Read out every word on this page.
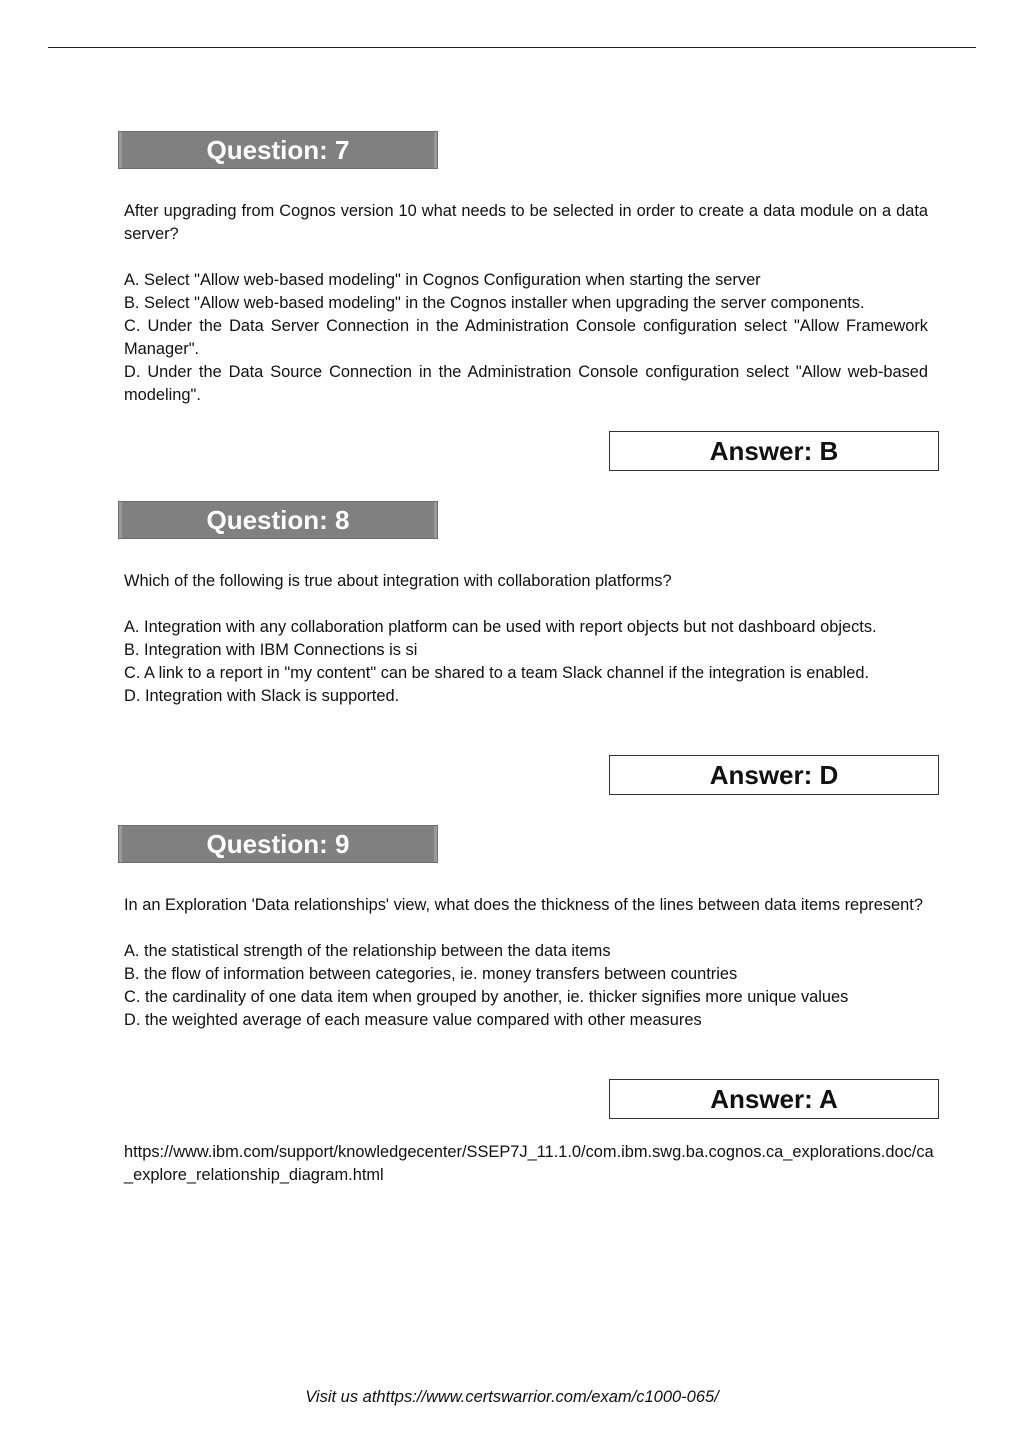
Question: 7

After upgrading from Cognos version 10 what needs to be selected in order to create a data module on a data server?

A. Select "Allow web-based modeling" in Cognos Configuration when starting the server

B. Select "Allow web-based modeling" in the Cognos installer when upgrading the server components.

C. Under the Data Server Connection in the Administration Console configuration select "Allow Framework Manager".

D. Under the Data Source Connection in the Administration Console configuration select "Allow web-based modeling".

Answer: B
Question: 8

Which of the following is true about integration with collaboration platforms?

A. Integration with any collaboration platform can be used with report objects but not dashboard objects.

B. Integration with IBM Connections is si

C. A link to a report in "my content" can be shared to a team Slack channel if the integration is enabled.

D. Integration with Slack is supported.

Answer: D
Question: 9

In an Exploration 'Data relationships' view, what does the thickness of the lines between data items represent?

A. the statistical strength of the relationship between the data items

B. the flow of information between categories, ie. money transfers between countries

C. the cardinality of one data item when grouped by another, ie. thicker signifies more unique values

D. the weighted average of each measure value compared with other measures

Answer: A
https://www.ibm.com/support/knowledgecenter/SSEP7J_11.1.0/com.ibm.swg.ba.cognos.ca_explorations.doc/ca_explore_relationship_diagram.html
Visit us athttps://www.certswarrior.com/exam/c1000-065/
